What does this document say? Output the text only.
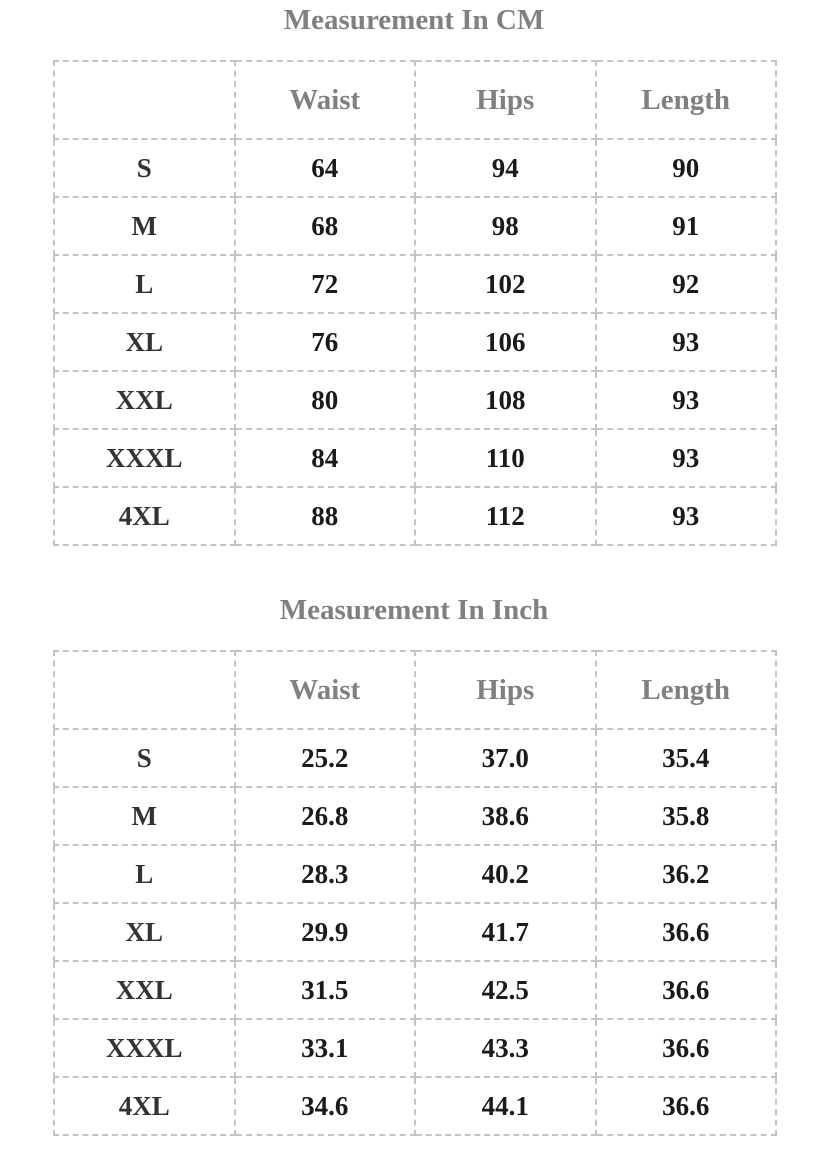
Measurement In CM
	Waist	Hips	Length
S	64	94	90
M	68	98	91
L	72	102	92
XL	76	106	93
XXL	80	108	93
XXXL	84	110	93
4XL	88	112	93
Measurement In Inch
	Waist	Hips	Length
S	25.2	37.0	35.4
M	26.8	38.6	35.8
L	28.3	40.2	36.2
XL	29.9	41.7	36.6
XXL	31.5	42.5	36.6
XXXL	33.1	43.3	36.6
4XL	34.6	44.1	36.6
